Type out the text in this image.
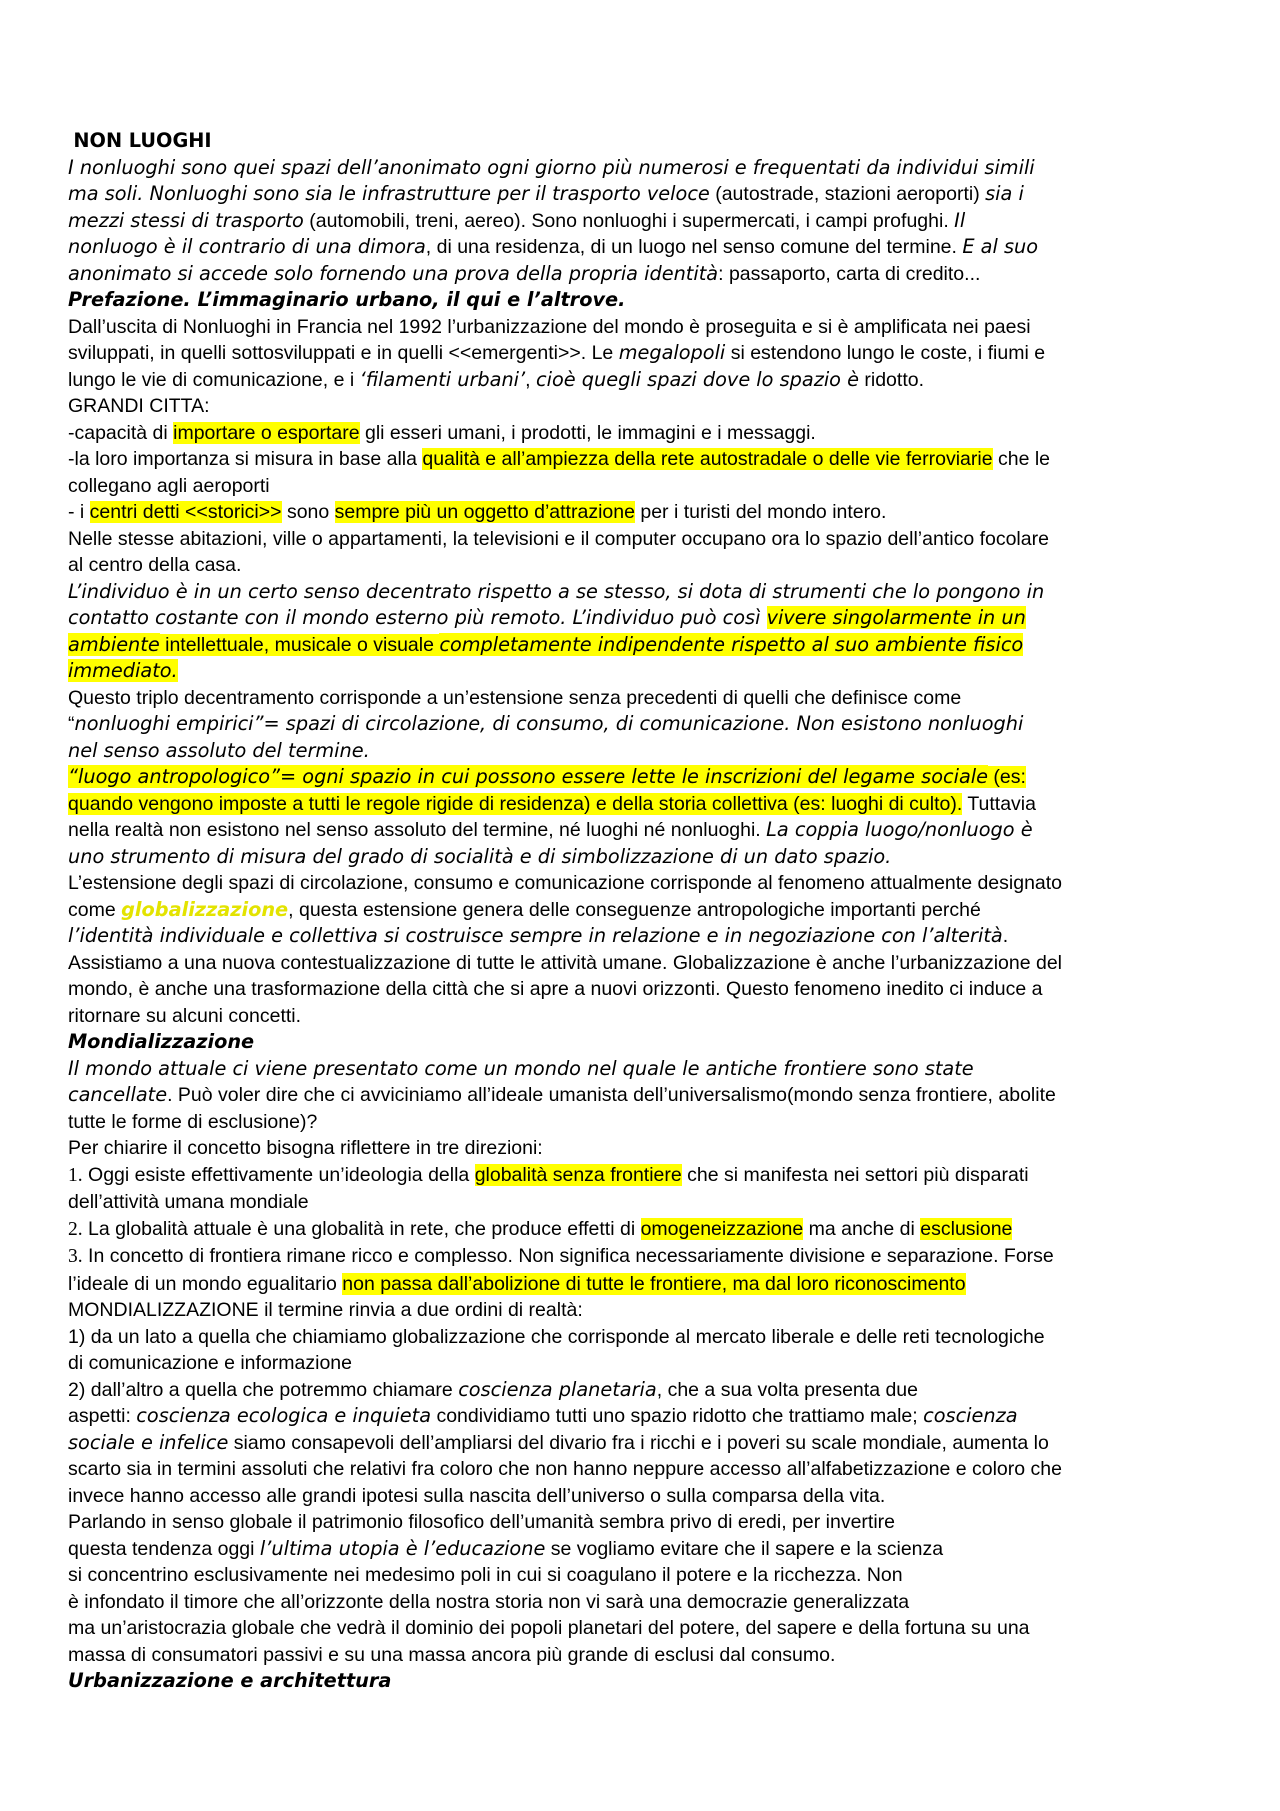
NON LUOGHI
I nonluoghi sono quei spazi dell’anonimato ogni giorno più numerosi e frequentati da individui simili
ma soli. Nonluoghi sono sia le infrastrutture per il trasporto veloce (autostrade, stazioni aeroporti) sia i
mezzi stessi di trasporto (automobili, treni, aereo). Sono nonluoghi i supermercati, i campi profughi. Il
nonluogo è il contrario di una dimora, di una residenza, di un luogo nel senso comune del termine. E al suo
anonimato si accede solo fornendo una prova della propria identità: passaporto, carta di credito...
Prefazione. L’immaginario urbano, il qui e l’altrove.
Dall’uscita di Nonluoghi in Francia nel 1992 l’urbanizzazione del mondo è proseguita e si è amplificata nei paesi
sviluppati, in quelli sottosviluppati e in quelli <<emergenti>>. Le megalopoli si estendono lungo le coste, i fiumi e
lungo le vie di comunicazione, e i ‘filamenti urbani’, cioè quegli spazi dove lo spazio è ridotto.
GRANDI CITTA:
-capacità di importare o esportare gli esseri umani, i prodotti, le immagini e i messaggi.
-la loro importanza si misura in base alla qualità e all’ampiezza della rete autostradale o delle vie ferroviarie che le
collegano agli aeroporti
- i centri detti <<storici>> sono sempre più un oggetto d’attrazione per i turisti del mondo intero.
Nelle stesse abitazioni, ville o appartamenti, la televisioni e il computer occupano ora lo spazio dell’antico focolare
al centro della casa.
L’individuo è in un certo senso decentrato rispetto a se stesso, si dota di strumenti che lo pongono in
contatto costante con il mondo esterno più remoto. L’individuo può così vivere singolarmente in un
ambiente intellettuale, musicale o visuale completamente indipendente rispetto al suo ambiente fisico
immediato.
Questo triplo decentramento corrisponde a un’estensione senza precedenti di quelli che definisce come
“nonluoghi empirici”= spazi di circolazione, di consumo, di comunicazione. Non esistono nonluoghi
nel senso assoluto del termine.
“luogo antropologico”= ogni spazio in cui possono essere lette le inscrizioni del legame sociale (es:
quando vengono imposte a tutti le regole rigide di residenza) e della storia collettiva (es: luoghi di culto). Tuttavia
nella realtà non esistono nel senso assoluto del termine, né luoghi né nonluoghi. La coppia luogo/nonluogo è
uno strumento di misura del grado di socialità e di simbolizzazione di un dato spazio.
L’estensione degli spazi di circolazione, consumo e comunicazione corrisponde al fenomeno attualmente designato
come globalizzazione, questa estensione genera delle conseguenze antropologiche importanti perché
l’identità individuale e collettiva si costruisce sempre in relazione e in negoziazione con l’alterità.
Assistiamo a una nuova contestualizzazione di tutte le attività umane. Globalizzazione è anche l’urbanizzazione del
mondo, è anche una trasformazione della città che si apre a nuovi orizzonti. Questo fenomeno inedito ci induce a
ritornare su alcuni concetti.
Mondializzazione
Il mondo attuale ci viene presentato come un mondo nel quale le antiche frontiere sono state
cancellate. Può voler dire che ci avviciniamo all’ideale umanista dell’universalismo(mondo senza frontiere, abolite
tutte le forme di esclusione)?
Per chiarire il concetto bisogna riflettere in tre direzioni:
1. Oggi esiste effettivamente un’ideologia della globalità senza frontiere che si manifesta nei settori più disparati
dell’attività umana mondiale
2. La globalità attuale è una globalità in rete, che produce effetti di omogeneizzazione ma anche di esclusione
3. In concetto di frontiera rimane ricco e complesso. Non significa necessariamente divisione e separazione. Forse
l’ideale di un mondo egualitario non passa dall’abolizione di tutte le frontiere, ma dal loro riconoscimento
MONDIALIZZAZIONE il termine rinvia a due ordini di realtà:
1) da un lato a quella che chiamiamo globalizzazione che corrisponde al mercato liberale e delle reti tecnologiche
di comunicazione e informazione
2) dall’altro a quella che potremmo chiamare coscienza planetaria, che a sua volta presenta due
aspetti: coscienza ecologica e inquieta condividiamo tutti uno spazio ridotto che trattiamo male; coscienza
sociale e infelice siamo consapevoli dell’ampliarsi del divario fra i ricchi e i poveri su scale mondiale, aumenta lo
scarto sia in termini assoluti che relativi fra coloro che non hanno neppure accesso all’alfabetizzazione e coloro che
invece hanno accesso alle grandi ipotesi sulla nascita dell’universo o sulla comparsa della vita.
Parlando in senso globale il patrimonio filosofico dell’umanità sembra privo di eredi, per invertire
questa tendenza oggi l’ultima utopia è l’educazione se vogliamo evitare che il sapere e la scienza
si concentrino esclusivamente nei medesimo poli in cui si coagulano il potere e la ricchezza. Non
è infondato il timore che all’orizzonte della nostra storia non vi sarà una democrazie generalizzata
ma un’aristocrazia globale che vedrà il dominio dei popoli planetari del potere, del sapere e della fortuna su una
massa di consumatori passivi e su una massa ancora più grande di esclusi dal consumo.
Urbanizzazione e architettura
